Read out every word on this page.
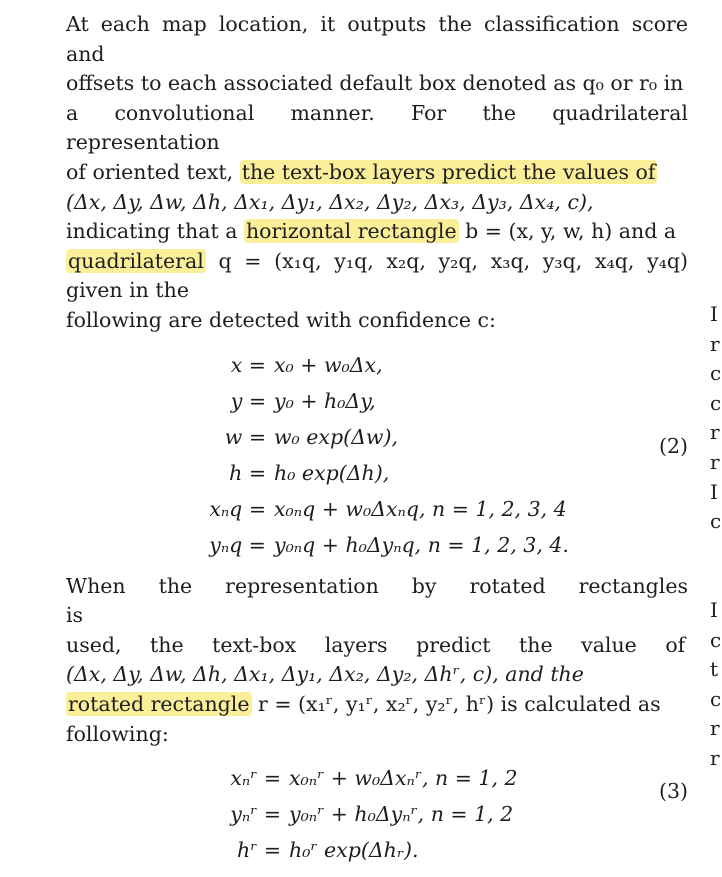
At each map location, it outputs the classification score and
offsets to each associated default box denoted as q₀ or r₀ in
a convolutional manner. For the quadrilateral representation
of oriented text, the text-box layers predict the values of
(Δx, Δy, Δw, Δh, Δx₁, Δy₁, Δx₂, Δy₂, Δx₃, Δy₃, Δx₄, c),
indicating that a horizontal rectangle b = (x, y, w, h) and a
quadrilateral q = (x₁q, y₁q, x₂q, y₂q, x₃q, y₃q, x₄q, y₄q) given in the
following are detected with confidence c:

x = x₀ + w₀Δx,
y = y₀ + h₀Δy,
w = w₀ exp(Δw),
h = h₀ exp(Δh),
xₙq = x₀ₙq + w₀Δxₙq, n = 1, 2, 3, 4
yₙq = y₀ₙq + h₀Δyₙq, n = 1, 2, 3, 4.
(2)

When the representation by rotated rectangles is
used, the text-box layers predict the value of
(Δx, Δy, Δw, Δh, Δx₁, Δy₁, Δx₂, Δy₂, Δhʳ, c), and the
rotated rectangle r = (x₁ʳ, y₁ʳ, x₂ʳ, y₂ʳ, hʳ) is calculated as
following:

xₙʳ = x₀ₙʳ + w₀Δxₙʳ, n = 1, 2
yₙʳ = y₀ₙʳ + h₀Δyₙʳ, n = 1, 2
hʳ = h₀ʳ exp(Δhᵣ).
(3)
I
r
c
c
r
r
I
c
I
c
t
c
r
r
